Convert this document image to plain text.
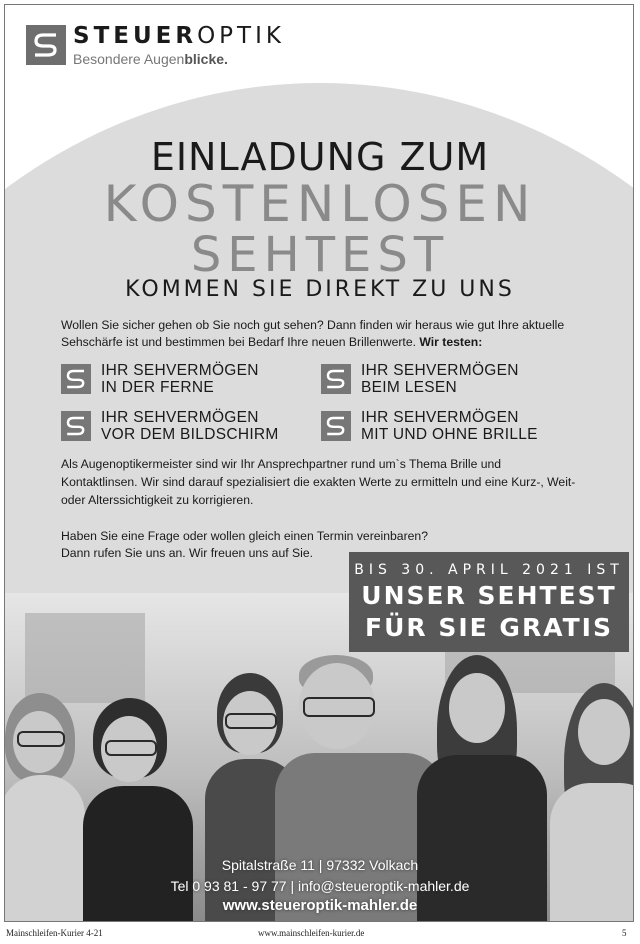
STEUEROPTIK
Besondere Augenblicke.
EINLADUNG ZUM
KOSTENLOSEN
SEHTEST
KOMMEN SIE DIREKT ZU UNS
Wollen Sie sicher gehen ob Sie noch gut sehen? Dann finden wir heraus wie gut Ihre aktuelle Sehschärfe ist und bestimmen bei Bedarf Ihre neuen Brillenwerte. Wir testen:
IHR SEHVERMÖGEN
IN DER FERNE
IHR SEHVERMÖGEN
BEIM LESEN
IHR SEHVERMÖGEN
VOR DEM BILDSCHIRM
IHR SEHVERMÖGEN
MIT UND OHNE BRILLE
Als Augenoptikermeister sind wir Ihr Ansprechpartner rund um`s Thema Brille und Kontaktlinsen. Wir sind darauf spezialisiert die exakten Werte zu ermitteln und eine Kurz-, Weit- oder Alterssichtigkeit zu korrigieren.
Haben Sie eine Frage oder wollen gleich einen Termin vereinbaren?
Dann rufen Sie uns an. Wir freuen uns auf Sie.
BIS 30. APRIL 2021 IST
UNSER SEHTEST
FÜR SIE GRATIS
Spitalstraße 11 | 97332 Volkach
Tel 0 93 81 - 97 77 | info@steueroptik-mahler.de
www.steueroptik-mahler.de
Mainschleifen-Kurier 4-21	www.mainschleifen-kurier.de	5
